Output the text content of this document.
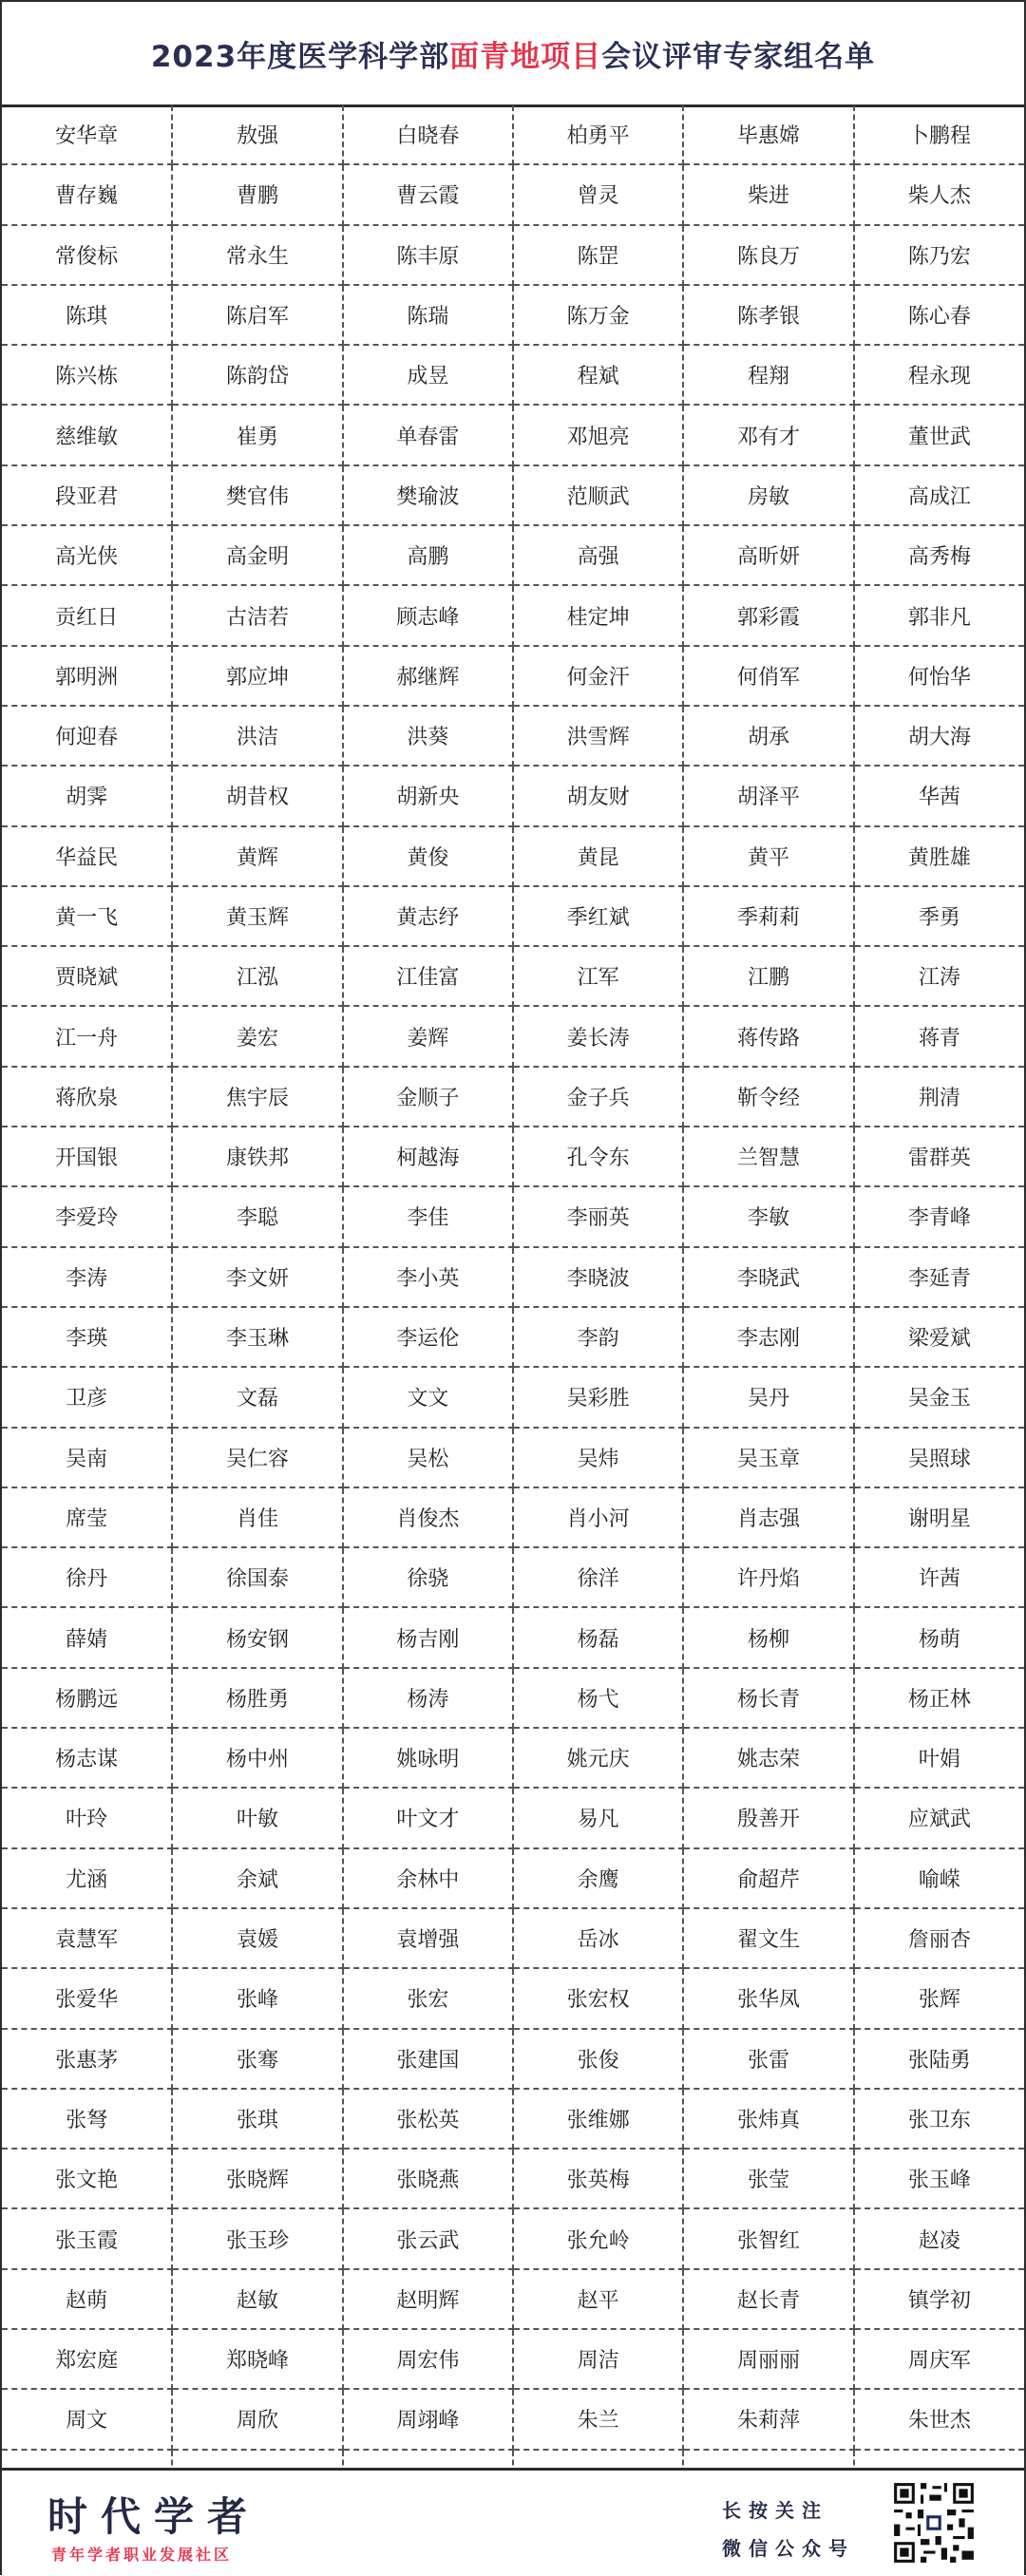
2023年度医学科学部 面青地项目 会议评审专家组名单
安华章	敖强	白晓春	柏勇平	毕惠嫦	卜鹏程
曹存巍	曹鹏	曹云霞	曾灵	柴进	柴人杰
常俊标	常永生	陈丰原	陈罡	陈良万	陈乃宏
陈琪	陈启军	陈瑞	陈万金	陈孝银	陈心春
陈兴栋	陈韵岱	成昱	程斌	程翔	程永现
慈维敏	崔勇	单春雷	邓旭亮	邓有才	董世武
段亚君	樊官伟	樊瑜波	范顺武	房敏	高成江
高光侠	高金明	高鹏	高强	高昕妍	高秀梅
贡红日	古洁若	顾志峰	桂定坤	郭彩霞	郭非凡
郭明洲	郭应坤	郝继辉	何金汗	何俏军	何怡华
何迎春	洪洁	洪葵	洪雪辉	胡承	胡大海
胡霁	胡昔权	胡新央	胡友财	胡泽平	华茜
华益民	黄辉	黄俊	黄昆	黄平	黄胜雄
黄一飞	黄玉辉	黄志纾	季红斌	季莉莉	季勇
贾晓斌	江泓	江佳富	江军	江鹏	江涛
江一舟	姜宏	姜辉	姜长涛	蒋传路	蒋青
蒋欣泉	焦宇辰	金顺子	金子兵	靳令经	荆清
开国银	康铁邦	柯越海	孔令东	兰智慧	雷群英
李爱玲	李聪	李佳	李丽英	李敏	李青峰
李涛	李文妍	李小英	李晓波	李晓武	李延青
李瑛	李玉琳	李运伦	李韵	李志刚	梁爱斌
卫彦	文磊	文文	吴彩胜	吴丹	吴金玉
吴南	吴仁容	吴松	吴炜	吴玉章	吴照球
席莹	肖佳	肖俊杰	肖小河	肖志强	谢明星
徐丹	徐国泰	徐骁	徐洋	许丹焰	许茜
薛婧	杨安钢	杨吉刚	杨磊	杨柳	杨萌
杨鹏远	杨胜勇	杨涛	杨弋	杨长青	杨正林
杨志谋	杨中州	姚咏明	姚元庆	姚志荣	叶娟
叶玲	叶敏	叶文才	易凡	殷善开	应斌武
尤涵	余斌	余林中	余鹰	俞超芹	喻嵘
袁慧军	袁媛	袁增强	岳冰	翟文生	詹丽杏
张爱华	张峰	张宏	张宏权	张华凤	张辉
张惠茅	张骞	张建国	张俊	张雷	张陆勇
张弩	张琪	张松英	张维娜	张炜真	张卫东
张文艳	张晓辉	张晓燕	张英梅	张莹	张玉峰
张玉霞	张玉珍	张云武	张允岭	张智红	赵凌
赵萌	赵敏	赵明辉	赵平	赵长青	镇学初
郑宏庭	郑晓峰	周宏伟	周洁	周丽丽	周庆军
周文	周欣	周翊峰	朱兰	朱莉萍	朱世杰

时代学者
青年学者职业发展社区
长按关注
微信公众号
